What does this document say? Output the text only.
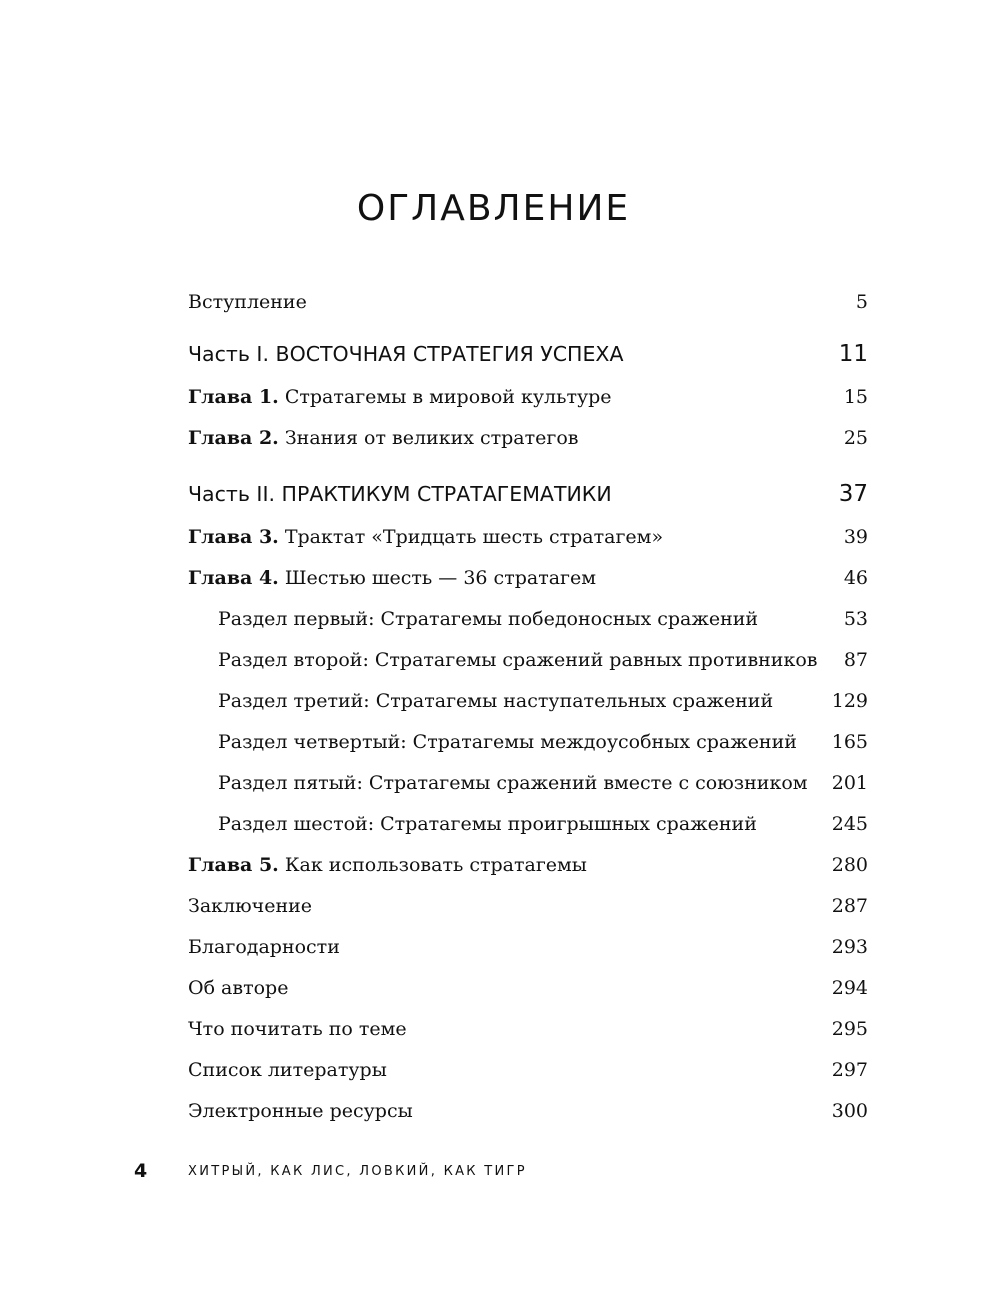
ОГЛАВЛЕНИЕ
Вступление	5
Часть I. ВОСТОЧНАЯ СТРАТЕГИЯ УСПЕХА	11
Глава 1. Стратагемы в мировой культуре	15
Глава 2. Знания от великих стратегов	25
Часть II. ПРАКТИКУМ СТРАТАГЕМАТИКИ	37
Глава 3. Трактат «Тридцать шесть стратагем»	39
Глава 4. Шестью шесть — 36 стратагем	46
Раздел первый: Стратагемы победоносных сражений	53
Раздел второй: Стратагемы сражений равных противников 87
Раздел третий: Стратагемы наступательных сражений	129
Раздел четвертый: Стратагемы междоусобных сражений 165
Раздел пятый: Стратагемы сражений вместе с союзником 201
Раздел шестой: Стратагемы проигрышных сражений	245
Глава 5. Как использовать стратагемы	280
Заключение	287
Благодарности	293
Об авторе	294
Что почитать по теме	295
Список литературы	297
Электронные ресурсы	300
4	ХИТРЫЙ, КАК ЛИС, ЛОВКИЙ, КАК ТИГР
